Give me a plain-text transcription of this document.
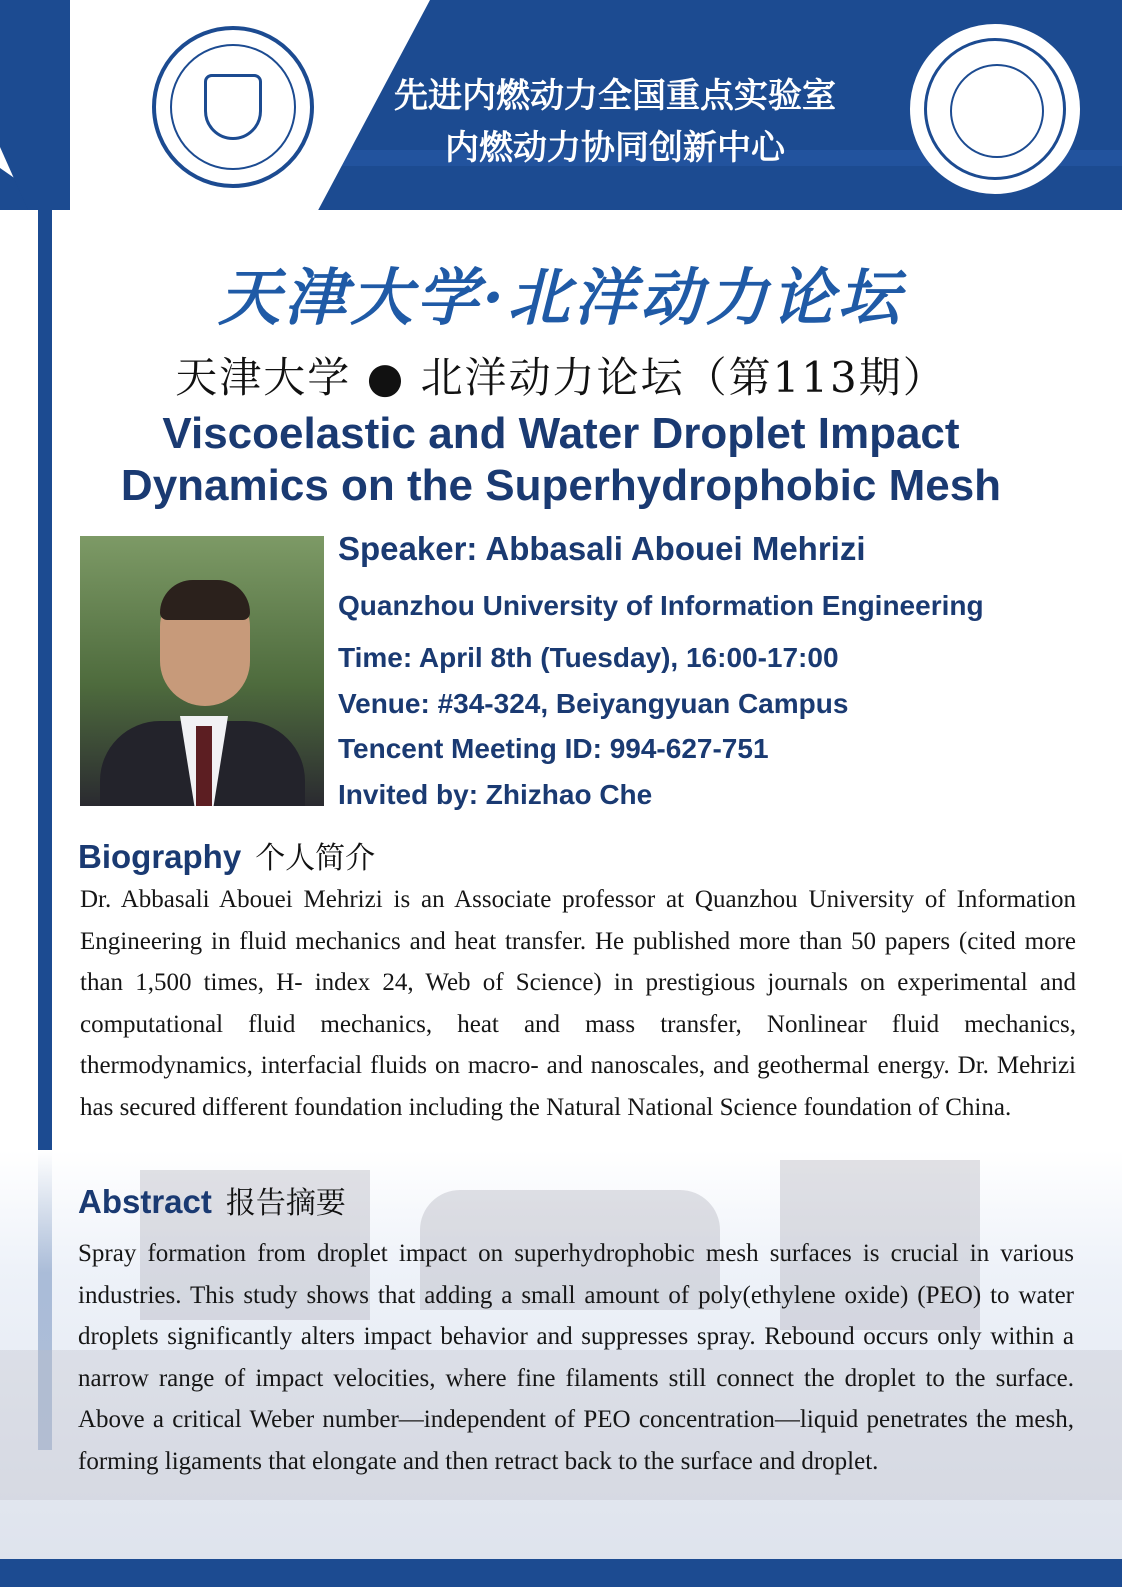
先进内燃动力全国重点实验室
内燃动力协同创新中心
天津大学·北洋动力论坛
天津大学 ● 北洋动力论坛（第113期）
Viscoelastic and Water Droplet Impact
Dynamics on the Superhydrophobic Mesh
Speaker: Abbasali Abouei Mehrizi
Quanzhou University of Information Engineering
Time: April 8th (Tuesday), 16:00-17:00
Venue: #34-324, Beiyangyuan Campus
Tencent Meeting ID: 994-627-751
Invited by: Zhizhao Che
Biography 个人简介
Dr. Abbasali Abouei Mehrizi is an Associate professor at Quanzhou University of Information Engineering in fluid mechanics and heat transfer. He published more than 50 papers (cited more than 1,500 times, H- index 24, Web of Science) in prestigious journals on experimental and computational fluid mechanics, heat and mass transfer, Nonlinear fluid mechanics, thermodynamics, interfacial fluids on macro- and nanoscales, and geothermal energy. Dr. Mehrizi has secured different foundation including the Natural National Science foundation of China.
Abstract 报告摘要
Spray formation from droplet impact on superhydrophobic mesh surfaces is crucial in various industries. This study shows that adding a small amount of poly(ethylene oxide) (PEO) to water droplets significantly alters impact behavior and suppresses spray. Rebound occurs only within a narrow range of impact velocities, where fine filaments still connect the droplet to the surface. Above a critical Weber number—independent of PEO concentration—liquid penetrates the mesh, forming ligaments that elongate and then retract back to the surface and droplet.
